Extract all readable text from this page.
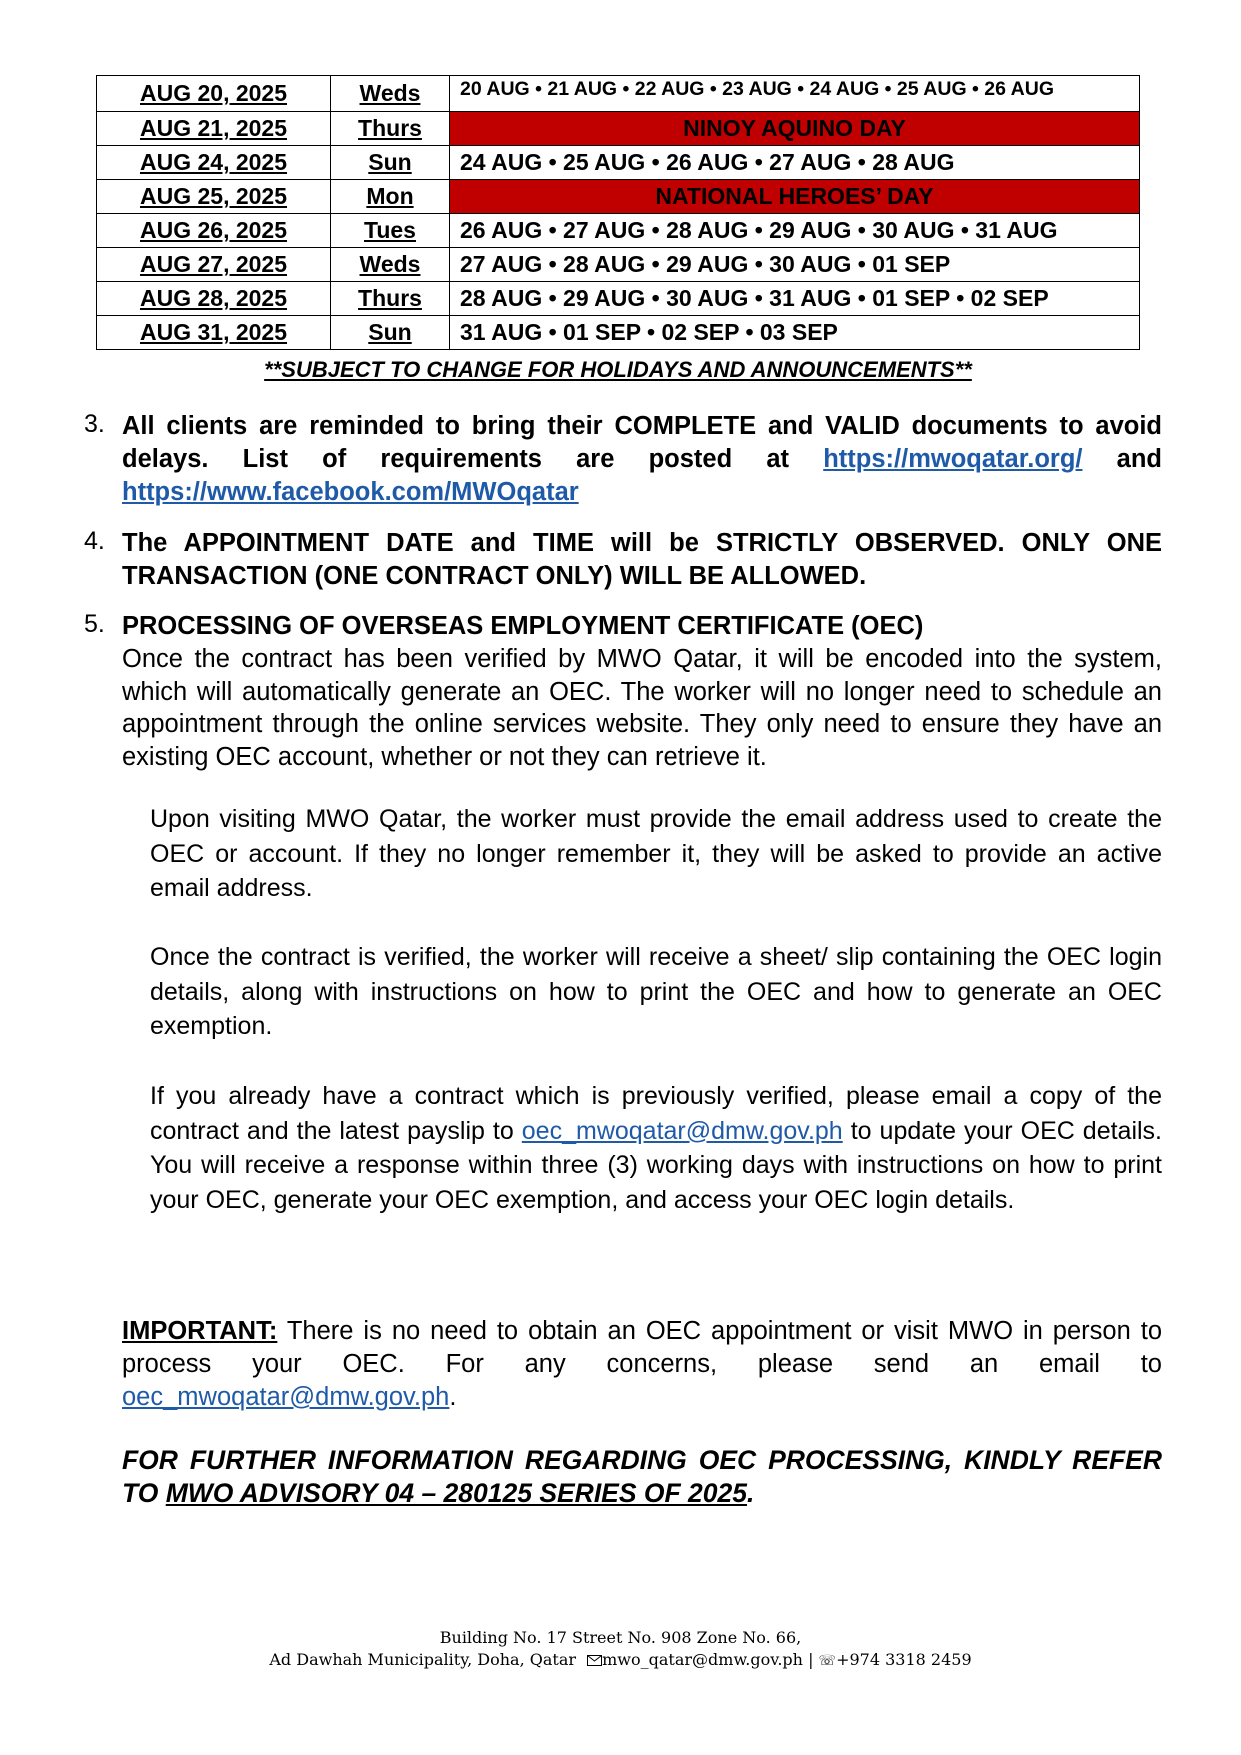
AUG 20, 2025	Weds	20 AUG • 21 AUG • 22 AUG • 23 AUG • 24 AUG • 25 AUG • 26 AUG
AUG 21, 2025	Thurs	NINOY AQUINO DAY
AUG 24, 2025	Sun	24 AUG • 25 AUG • 26 AUG • 27 AUG • 28 AUG
AUG 25, 2025	Mon	NATIONAL HEROES’ DAY
AUG 26, 2025	Tues	26 AUG • 27 AUG • 28 AUG • 29 AUG • 30 AUG • 31 AUG
AUG 27, 2025	Weds	27 AUG • 28 AUG • 29 AUG • 30 AUG • 01 SEP
AUG 28, 2025	Thurs	28 AUG • 29 AUG • 30 AUG • 31 AUG • 01 SEP • 02 SEP
AUG 31, 2025	Sun	31 AUG • 01 SEP • 02 SEP • 03 SEP
**SUBJECT TO CHANGE FOR HOLIDAYS AND ANNOUNCEMENTS**
3. All clients are reminded to bring their COMPLETE and VALID documents to avoid delays. List of requirements are posted at https://mwoqatar.org/ and https://www.facebook.com/MWOqatar
4. The APPOINTMENT DATE and TIME will be STRICTLY OBSERVED. ONLY ONE TRANSACTION (ONE CONTRACT ONLY) WILL BE ALLOWED.
5. PROCESSING OF OVERSEAS EMPLOYMENT CERTIFICATE (OEC)
Once the contract has been verified by MWO Qatar, it will be encoded into the system, which will automatically generate an OEC. The worker will no longer need to schedule an appointment through the online services website. They only need to ensure they have an existing OEC account, whether or not they can retrieve it.
Upon visiting MWO Qatar, the worker must provide the email address used to create the OEC or account. If they no longer remember it, they will be asked to provide an active email address.
Once the contract is verified, the worker will receive a sheet/ slip containing the OEC login details, along with instructions on how to print the OEC and how to generate an OEC exemption.
If you already have a contract which is previously verified, please email a copy of the contract and the latest payslip to oec_mwoqatar@dmw.gov.ph to update your OEC details. You will receive a response within three (3) working days with instructions on how to print your OEC, generate your OEC exemption, and access your OEC login details.
IMPORTANT: There is no need to obtain an OEC appointment or visit MWO in person to process your OEC. For any concerns, please send an email to oec_mwoqatar@dmw.gov.ph.
FOR FURTHER INFORMATION REGARDING OEC PROCESSING, KINDLY REFER TO MWO ADVISORY 04 – 280125 SERIES OF 2025.
Building No. 17 Street No. 908 Zone No. 66,
Ad Dawhah Municipality, Doha, Qatar mwo_qatar@dmw.gov.ph | ☏+974 3318 2459
